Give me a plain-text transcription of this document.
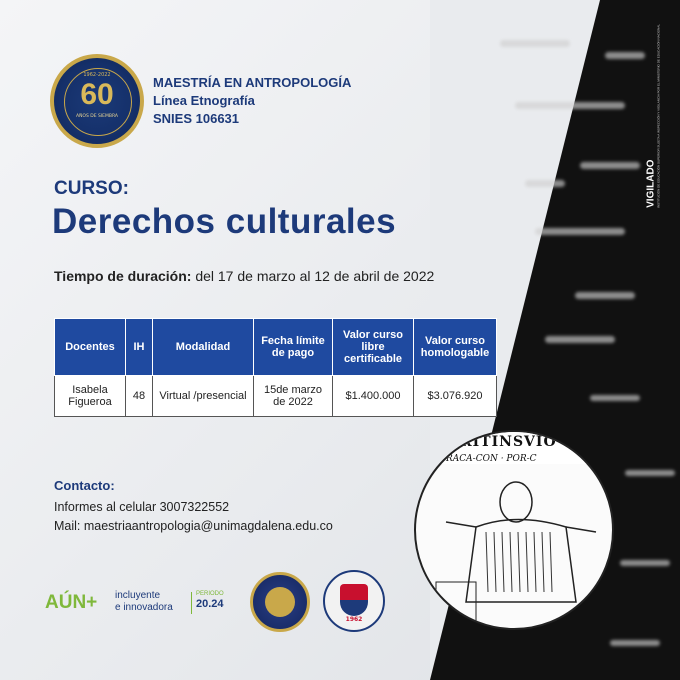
VIGILADO INSTITUCIÓN DE EDUCACIÓN SUPERIOR SUJETA A INSPECCIÓN Y VIGILANCIA POR EL MINISTERIO DE EDUCACIÓN NACIONAL
RITINSVIO
RACA-CON · POR-C
1962-2022
60
AÑOS DE SIEMBRA
MAESTRÍA EN ANTROPOLOGÍA
Línea Etnografía
SNIES 106631
CURSO:
Derechos culturales
Tiempo de duración: del 17 de marzo al 12 de abril de 2022
Docentes	IH	Modalidad	Fecha límite de pago	Valor curso libre certificable	Valor curso homologable
Isabela Figueroa	48	Virtual /presencial	15de marzo de 2022	$1.400.000	$3.076.920
Contacto:
Informes al celular 3007322552
Mail: maestriaantropologia@unimagdalena.edu.co
AÚN+ incluyente
e innovadora
PERIODO
20.24
1962
